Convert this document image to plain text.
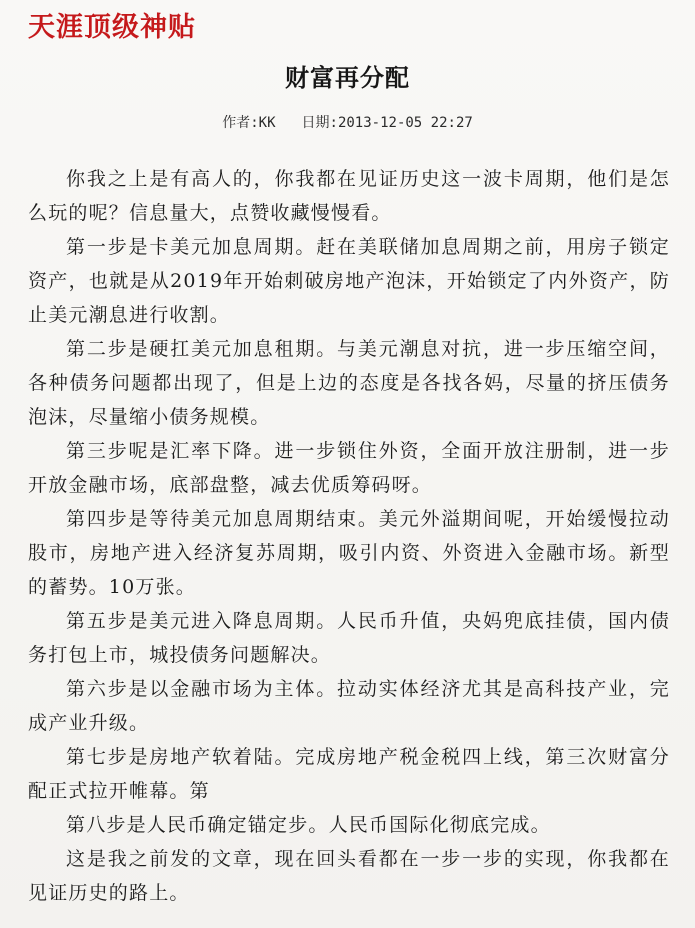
天涯顶级神贴
财富再分配
作者:KK 日期:2013-12-05 22:27

你我之上是有高人的，你我都在见证历史这一波卡周期，他们是怎么玩的呢？信息量大，点赞收藏慢慢看。

第一步是卡美元加息周期。赶在美联储加息周期之前，用房子锁定资产，也就是从2019年开始刺破房地产泡沫，开始锁定了内外资产，防止美元潮息进行收割。

第二步是硬扛美元加息租期。与美元潮息对抗，进一步压缩空间，各种债务问题都出现了，但是上边的态度是各找各妈，尽量的挤压债务泡沫，尽量缩小债务规模。

第三步呢是汇率下降。进一步锁住外资，全面开放注册制，进一步开放金融市场，底部盘整，减去优质筹码呀。

第四步是等待美元加息周期结束。美元外溢期间呢，开始缓慢拉动股市，房地产进入经济复苏周期，吸引内资、外资进入金融市场。新型的蓄势。10万张。

第五步是美元进入降息周期。人民币升值，央妈兜底挂债，国内债务打包上市，城投债务问题解决。

第六步是以金融市场为主体。拉动实体经济尤其是高科技产业，完成产业升级。

第七步是房地产软着陆。完成房地产税金税四上线，第三次财富分配正式拉开帷幕。第

第八步是人民币确定锚定步。人民币国际化彻底完成。

这是我之前发的文章，现在回头看都在一步一步的实现，你我都在见证历史的路上。
